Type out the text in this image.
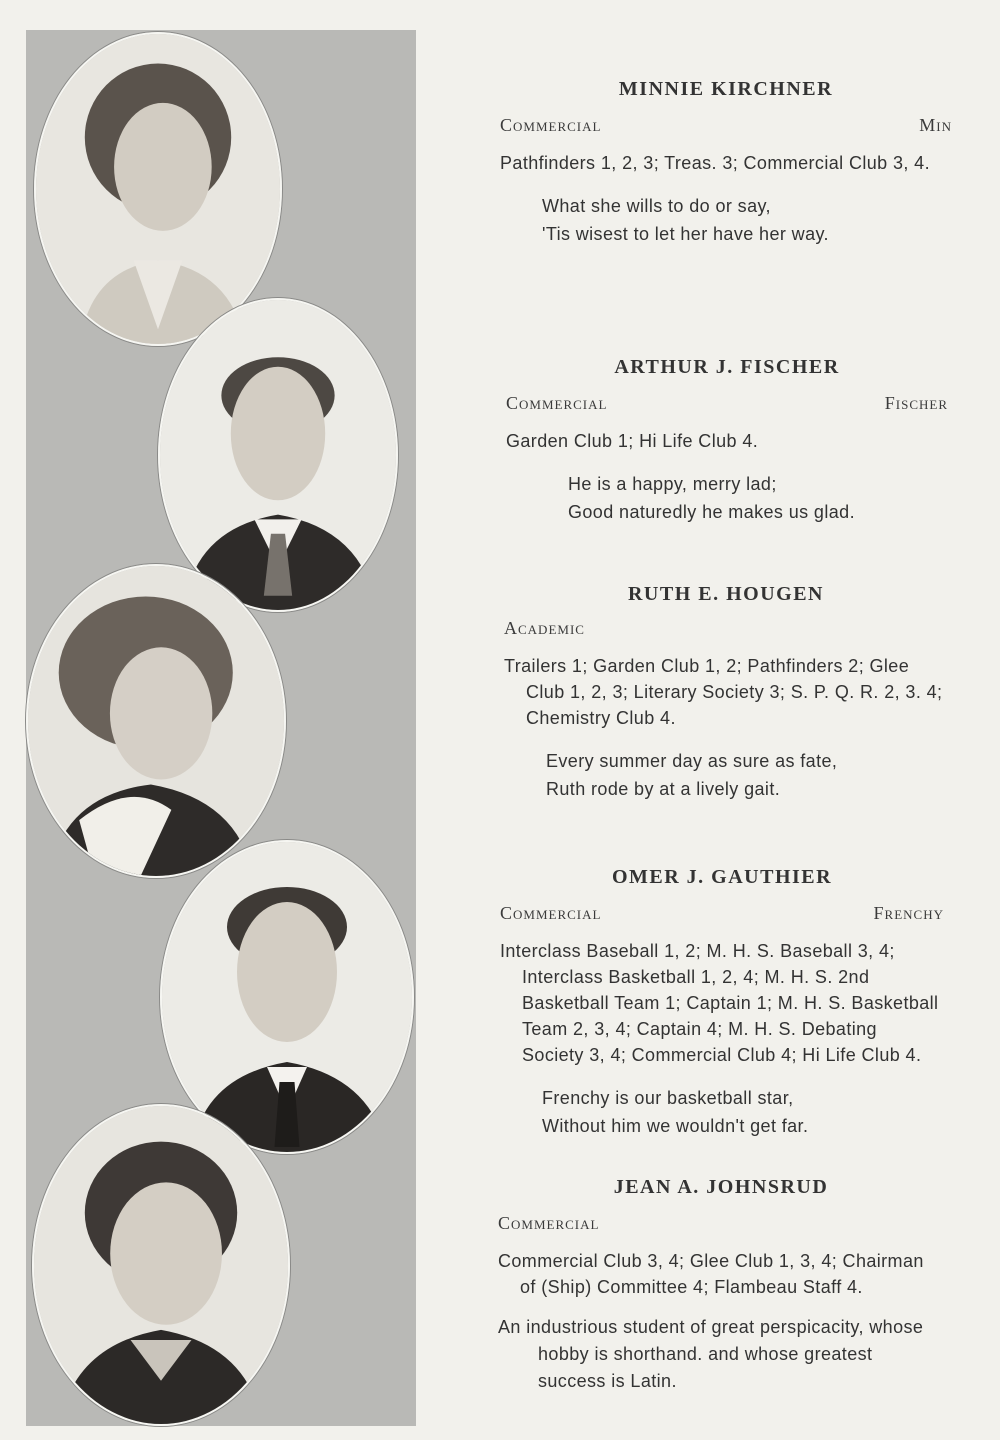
MINNIE KIRCHNER
Commercial	Min
Pathfinders 1, 2, 3; Treas. 3; Commercial Club 3, 4.
What she wills to do or say,
'Tis wisest to let her have her way.
ARTHUR J. FISCHER
Commercial	Fischer
Garden Club 1; Hi Life Club 4.
He is a happy, merry lad;
Good naturedly he makes us glad.
RUTH E. HOUGEN
Academic
Trailers 1; Garden Club 1, 2; Pathfinders 2; Glee Club 1, 2, 3; Literary Society 3; S. P. Q. R. 2, 3. 4; Chemistry Club 4.
Every summer day as sure as fate,
Ruth rode by at a lively gait.
OMER J. GAUTHIER
Commercial	Frenchy
Interclass Baseball 1, 2; M. H. S. Baseball 3, 4; Interclass Basketball 1, 2, 4; M. H. S. 2nd Basketball Team 1; Captain 1; M. H. S. Basketball Team 2, 3, 4; Captain 4; M. H. S. Debating Society 3, 4; Commercial Club 4; Hi Life Club 4.
Frenchy is our basketball star,
Without him we wouldn't get far.
JEAN A. JOHNSRUD
Commercial
Commercial Club 3, 4; Glee Club 1, 3, 4; Chairman of (Ship) Committee 4; Flambeau Staff 4.
An industrious student of great perspicacity, whose hobby is shorthand. and whose greatest success is Latin.
